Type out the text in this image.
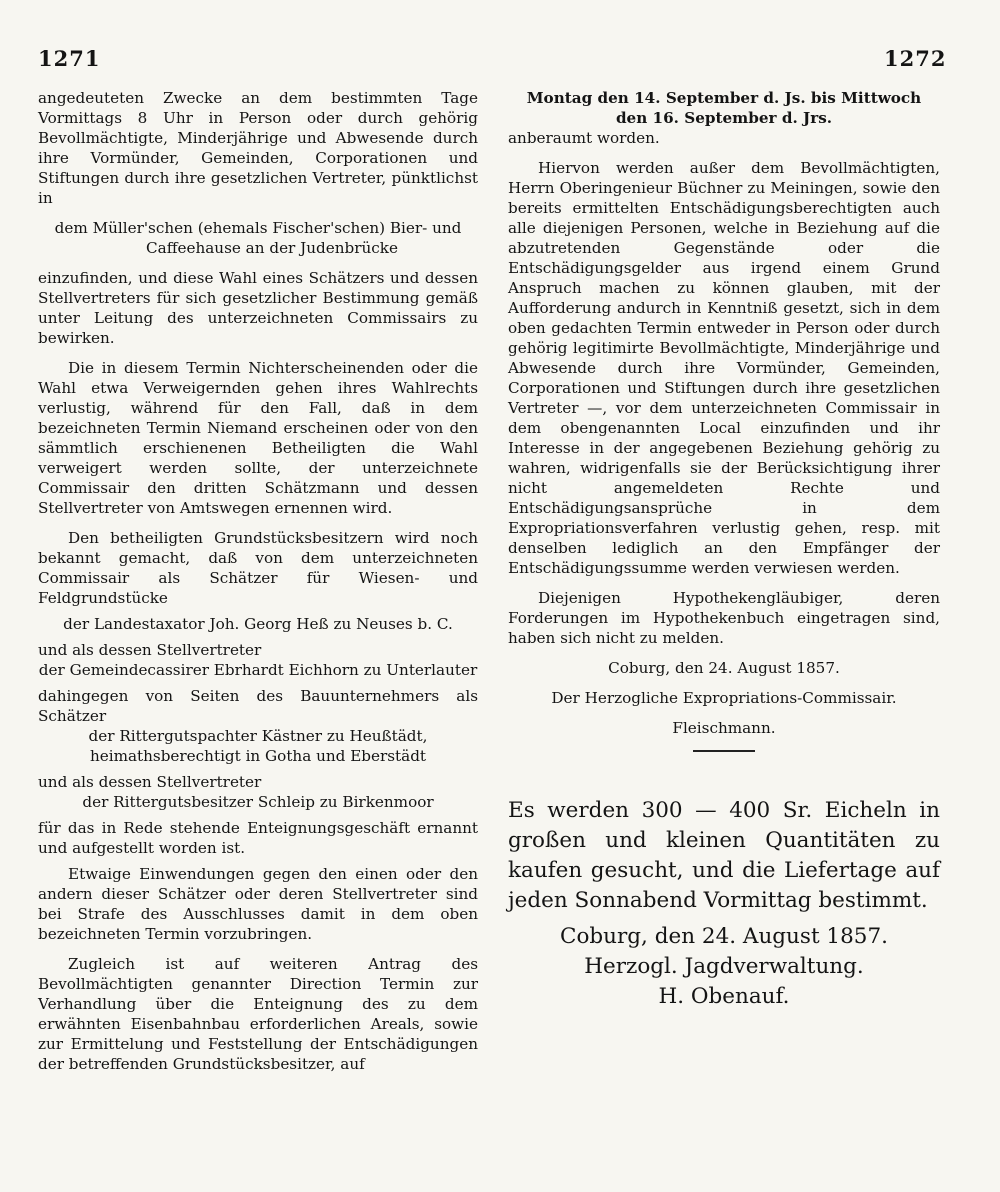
1271	1272

angedeuteten Zwecke an dem bestimmten Tage Vormittags 8 Uhr in Person oder durch gehörig Bevollmächtigte, Minderjährige und Abwesende durch ihre Vormünder, Gemeinden, Corporationen und Stiftungen durch ihre gesetzlichen Vertreter, pünktlichst in

dem Müller'schen (ehemals Fischer'schen) Bier- und Caffeehause an der Judenbrücke

einzufinden, und diese Wahl eines Schätzers und dessen Stellvertreters für sich gesetzlicher Bestimmung gemäß unter Leitung des unterzeichneten Commissairs zu bewirken.

Die in diesem Termin Nichterscheinenden oder die Wahl etwa Verweigernden gehen ihres Wahlrechts verlustig, während für den Fall, daß in dem bezeichneten Termin Niemand erscheinen oder von den sämmtlich erschienenen Betheiligten die Wahl verweigert werden sollte, der unterzeichnete Commissair den dritten Schätzmann und dessen Stellvertreter von Amtswegen ernennen wird.

Den betheiligten Grundstücksbesitzern wird noch bekannt gemacht, daß von dem unterzeichneten Commissair als Schätzer für Wiesen- und Feldgrundstücke

der Landestaxator Joh. Georg Heß zu Neuses b. C.

und als dessen Stellvertreter

der Gemeindecassirer Ebrhardt Eichhorn zu Unterlauter

dahingegen von Seiten des Bauunternehmers als Schätzer

der Rittergutspachter Kästner zu Heußtädt, heimathsberechtigt in Gotha und Eberstädt

und als dessen Stellvertreter

der Rittergutsbesitzer Schleip zu Birkenmoor

für das in Rede stehende Enteignungsgeschäft ernannt und aufgestellt worden ist.

Etwaige Einwendungen gegen den einen oder den andern dieser Schätzer oder deren Stellvertreter sind bei Strafe des Ausschlusses damit in dem oben bezeichneten Termin vorzubringen.

Zugleich ist auf weiteren Antrag des Bevollmächtigten genannter Direction Termin zur Verhandlung über die Enteignung des zu dem erwähnten Eisenbahnbau erforderlichen Areals, sowie zur Ermittelung und Feststellung der Entschädigungen der betreffenden Grundstücksbesitzer, auf

Montag den 14. September d. Js. bis Mittwoch

den 16. September d. Jrs.

anberaumt worden.

Hiervon werden außer dem Bevollmächtigten, Herrn Oberingenieur Büchner zu Meiningen, sowie den bereits ermittelten Entschädigungsberechtigten auch alle diejenigen Personen, welche in Beziehung auf die abzutretenden Gegenstände oder die Entschädigungsgelder aus irgend einem Grund Anspruch machen zu können glauben, mit der Aufforderung andurch in Kenntniß gesetzt, sich in dem oben gedachten Termin entweder in Person oder durch gehörig legitimirte Bevollmächtigte, Minderjährige und Abwesende durch ihre Vormünder, Gemeinden, Corporationen und Stiftungen durch ihre gesetzlichen Vertreter —, vor dem unterzeichneten Commissair in dem obengenannten Local einzufinden und ihr Interesse in der angegebenen Beziehung gehörig zu wahren, widrigenfalls sie der Berücksichtigung ihrer nicht angemeldeten Rechte und Entschädigungsansprüche in dem Expropriationsverfahren verlustig gehen, resp. mit denselben lediglich an den Empfänger der Entschädigungssumme werden verwiesen werden.

Diejenigen Hypothekengläubiger, deren Forderungen im Hypothekenbuch eingetragen sind, haben sich nicht zu melden.

Coburg, den 24. August 1857.

Der Herzogliche Expropriations-Commissair.

Fleischmann.

Es werden 300 — 400 Sr. Eicheln in großen und kleinen Quantitäten zu kaufen gesucht, und die Liefertage auf jeden Sonnabend Vormittag bestimmt.

Coburg, den 24. August 1857.

Herzogl. Jagdverwaltung.

H. Obenauf.
